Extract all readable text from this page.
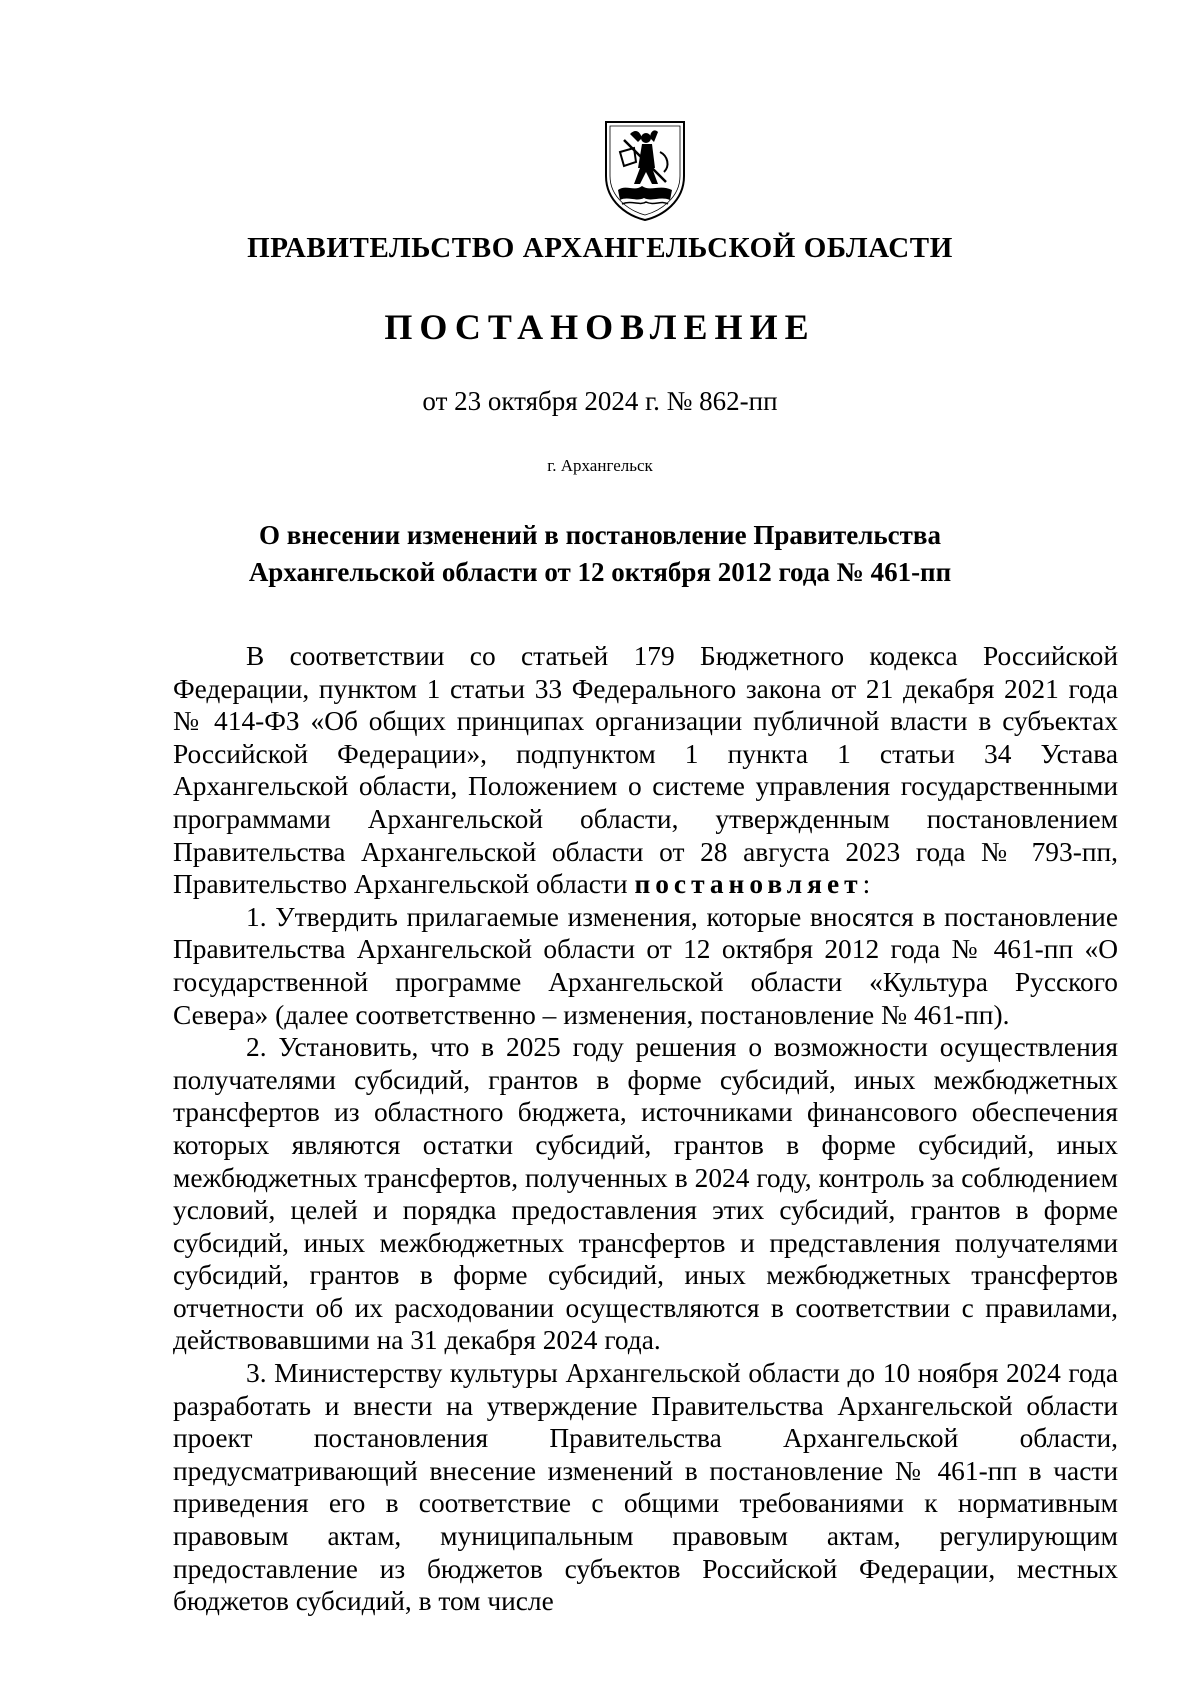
ПРАВИТЕЛЬСТВО АРХАНГЕЛЬСКОЙ ОБЛАСТИ
ПОСТАНОВЛЕНИЕ
от 23 октября 2024 г. № 862-пп
г. Архангельск
О внесении изменений в постановление Правительства
Архангельской области от 12 октября 2012 года № 461-пп

В соответствии со статьей 179 Бюджетного кодекса Российской Федерации, пунктом 1 статьи 33 Федерального закона от 21 декабря 2021 года № 414-ФЗ «Об общих принципах организации публичной власти в субъектах Российской Федерации», подпунктом 1 пункта 1 статьи 34 Устава Архангельской области, Положением о системе управления государственными программами Архангельской области, утвержденным постановлением Правительства Архангельской области от 28 августа 2023 года № 793-пп, Правительство Архангельской области постановляет:

1. Утвердить прилагаемые изменения, которые вносятся в постановление Правительства Архангельской области от 12 октября 2012 года № 461-пп «О государственной программе Архангельской области «Культура Русского Севера» (далее соответственно – изменения, постановление № 461-пп).

2. Установить, что в 2025 году решения о возможности осуществления получателями субсидий, грантов в форме субсидий, иных межбюджетных трансфертов из областного бюджета, источниками финансового обеспечения которых являются остатки субсидий, грантов в форме субсидий, иных межбюджетных трансфертов, полученных в 2024 году, контроль за соблюдением условий, целей и порядка предоставления этих субсидий, грантов в форме субсидий, иных межбюджетных трансфертов и представления получателями субсидий, грантов в форме субсидий, иных межбюджетных трансфертов отчетности об их расходовании осуществляются в соответствии с правилами, действовавшими на 31 декабря 2024 года.

3. Министерству культуры Архангельской области до 10 ноября 2024 года разработать и внести на утверждение Правительства Архангельской области проект постановления Правительства Архангельской области, предусматривающий внесение изменений в постановление № 461-пп в части приведения его в соответствие с общими требованиями к нормативным правовым актам, муниципальным правовым актам, регулирующим предоставление из бюджетов субъектов Российской Федерации, местных бюджетов субсидий, в том числе
